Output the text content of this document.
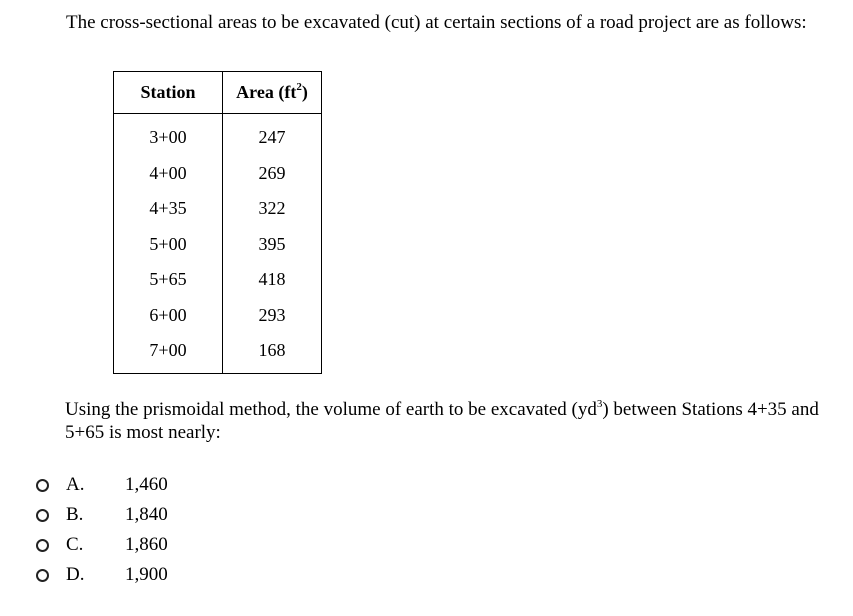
The cross-sectional areas to be excavated (cut) at certain sections of a road project are as follows:
Station	Area $(ft^2)$
3+00	247
4+00	269
4+35	322
5+00	395
5+65	418
6+00	293
7+00	168
Using the prismoidal method, the volume of earth to be excavated $(yd^3)$ between Stations 4+35 and 5+65 is most nearly:
A. 1,460
B. 1,840
C. 1,860
D. 1,900
